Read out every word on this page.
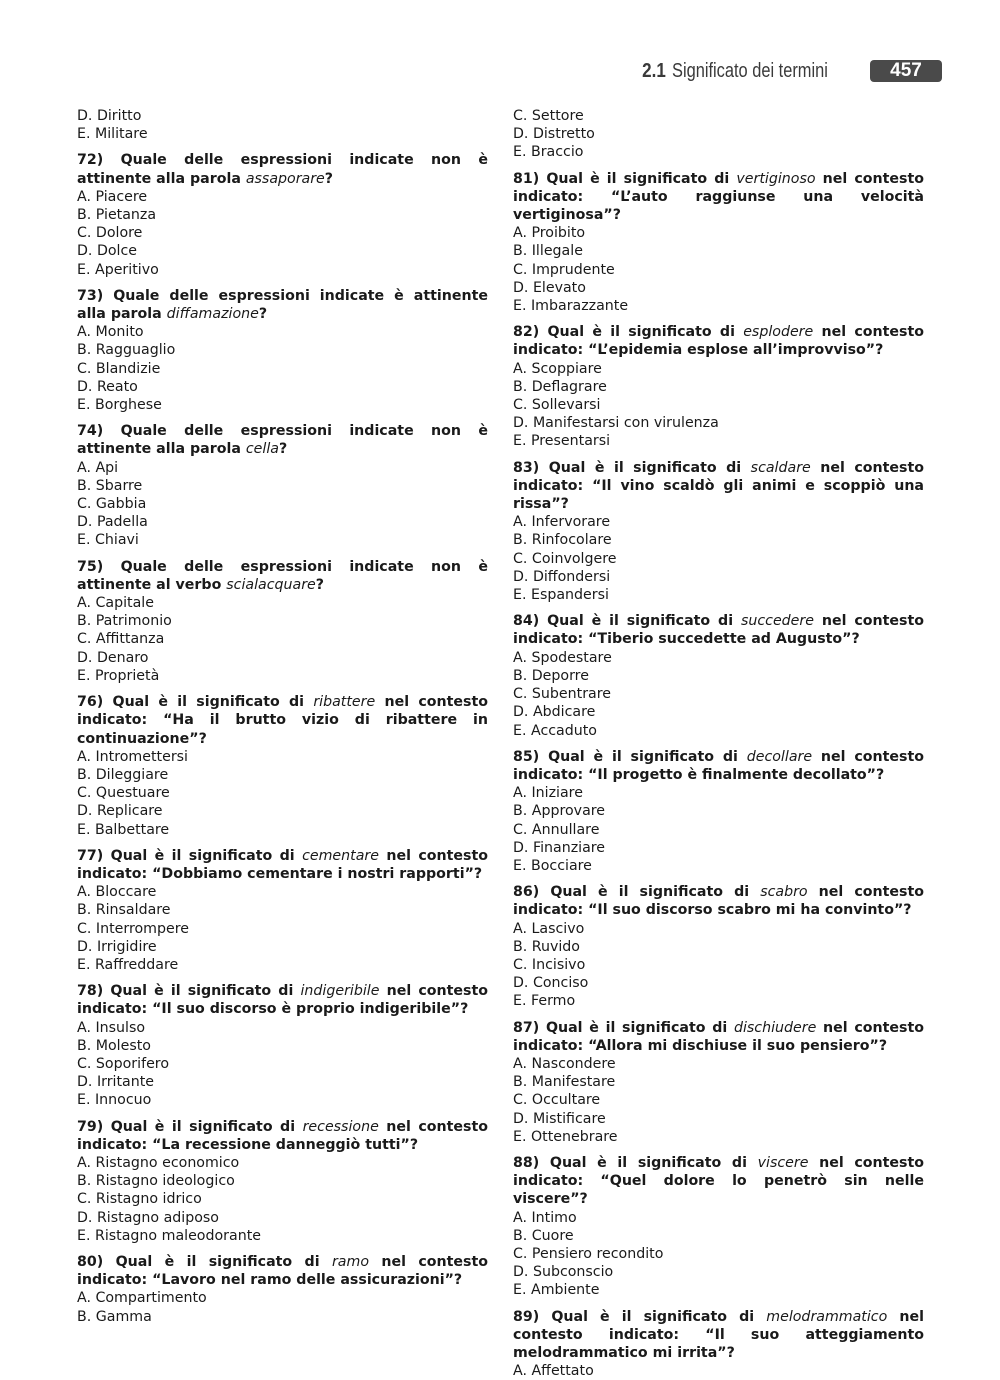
2.1 Significato dei termini	457
D. Diritto
E. Militare
72) Quale delle espressioni indicate non è attinente alla parola assaporare?
A. Piacere
B. Pietanza
C. Dolore
D. Dolce
E. Aperitivo
73) Quale delle espressioni indicate è attinente alla parola diffamazione?
A. Monito
B. Ragguaglio
C. Blandizie
D. Reato
E. Borghese
74) Quale delle espressioni indicate non è attinente alla parola cella?
A. Api
B. Sbarre
C. Gabbia
D. Padella
E. Chiavi
75) Quale delle espressioni indicate non è attinente al verbo scialacquare?
A. Capitale
B. Patrimonio
C. Affittanza
D. Denaro
E. Proprietà
76) Qual è il significato di ribattere nel contesto indicato: “Ha il brutto vizio di ribattere in continuazione”?
A. Intromettersi
B. Dileggiare
C. Questuare
D. Replicare
E. Balbettare
77) Qual è il significato di cementare nel contesto indicato: “Dobbiamo cementare i nostri rapporti”?
A. Bloccare
B. Rinsaldare
C. Interrompere
D. Irrigidire
E. Raffreddare
78) Qual è il significato di indigeribile nel contesto indicato: “Il suo discorso è proprio indigeribile”?
A. Insulso
B. Molesto
C. Soporifero
D. Irritante
E. Innocuo
79) Qual è il significato di recessione nel contesto indicato: “La recessione danneggiò tutti”?
A. Ristagno economico
B. Ristagno ideologico
C. Ristagno idrico
D. Ristagno adiposo
E. Ristagno maleodorante
80) Qual è il significato di ramo nel contesto indicato: “Lavoro nel ramo delle assicurazioni”?
A. Compartimento
B. Gamma
C. Settore
D. Distretto
E. Braccio
81) Qual è il significato di vertiginoso nel contesto indicato: “L’auto raggiunse una velocità vertiginosa”?
A. Proibito
B. Illegale
C. Imprudente
D. Elevato
E. Imbarazzante
82) Qual è il significato di esplodere nel contesto indicato: “L’epidemia esplose all’improvviso”?
A. Scoppiare
B. Deflagrare
C. Sollevarsi
D. Manifestarsi con virulenza
E. Presentarsi
83) Qual è il significato di scaldare nel contesto indicato: “Il vino scaldò gli animi e scoppiò una rissa”?
A. Infervorare
B. Rinfocolare
C. Coinvolgere
D. Diffondersi
E. Espandersi
84) Qual è il significato di succedere nel contesto indicato: “Tiberio succedette ad Augusto”?
A. Spodestare
B. Deporre
C. Subentrare
D. Abdicare
E. Accaduto
85) Qual è il significato di decollare nel contesto indicato: “Il progetto è finalmente decollato”?
A. Iniziare
B. Approvare
C. Annullare
D. Finanziare
E. Bocciare
86) Qual è il significato di scabro nel contesto indicato: “Il suo discorso scabro mi ha convinto”?
A. Lascivo
B. Ruvido
C. Incisivo
D. Conciso
E. Fermo
87) Qual è il significato di dischiudere nel contesto indicato: “Allora mi dischiuse il suo pensiero”?
A. Nascondere
B. Manifestare
C. Occultare
D. Mistificare
E. Ottenebrare
88) Qual è il significato di viscere nel contesto indicato: “Quel dolore lo penetrò sin nelle viscere”?
A. Intimo
B. Cuore
C. Pensiero recondito
D. Subconscio
E. Ambiente
89) Qual è il significato di melodrammatico nel contesto indicato: “Il suo atteggiamento melodrammatico mi irrita”?
A. Affettato
